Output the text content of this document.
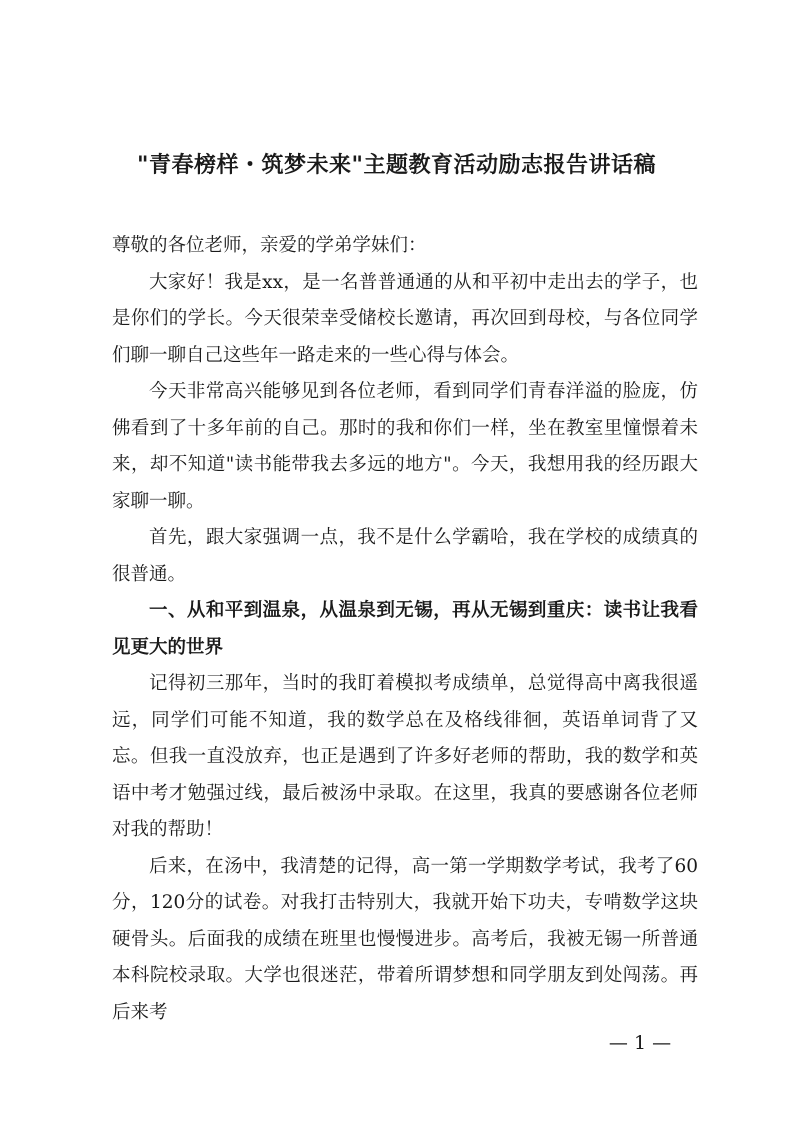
"青春榜样・筑梦未来"主题教育活动励志报告讲话稿

尊敬的各位老师，亲爱的学弟学妹们：

大家好！我是xx，是一名普普通通的从和平初中走出去的学子，也是你们的学长。今天很荣幸受储校长邀请，再次回到母校，与各位同学们聊一聊自己这些年一路走来的一些心得与体会。

今天非常高兴能够见到各位老师，看到同学们青春洋溢的脸庞，仿佛看到了十多年前的自己。那时的我和你们一样，坐在教室里憧憬着未来，却不知道"读书能带我去多远的地方"。今天，我想用我的经历跟大家聊一聊。

首先，跟大家强调一点，我不是什么学霸哈，我在学校的成绩真的很普通。

一、从和平到温泉，从温泉到无锡，再从无锡到重庆：读书让我看见更大的世界

记得初三那年，当时的我盯着模拟考成绩单，总觉得高中离我很遥远，同学们可能不知道，我的数学总在及格线徘徊，英语单词背了又忘。但我一直没放弃，也正是遇到了许多好老师的帮助，我的数学和英语中考才勉强过线，最后被汤中录取。在这里，我真的要感谢各位老师对我的帮助！

后来，在汤中，我清楚的记得，高一第一学期数学考试，我考了60分，120分的试卷。对我打击特别大，我就开始下功夫，专啃数学这块硬骨头。后面我的成绩在班里也慢慢进步。高考后，我被无锡一所普通本科院校录取。大学也很迷茫，带着所谓梦想和同学朋友到处闯荡。再后来考

— 1 —
